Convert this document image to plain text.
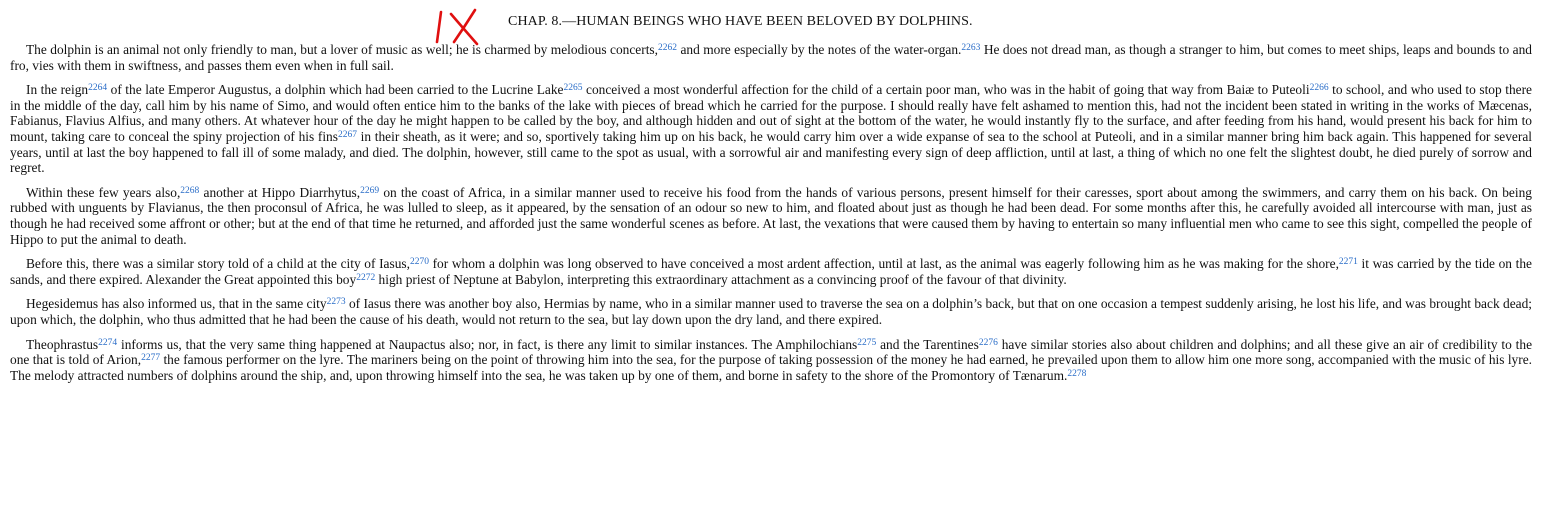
CHAP. 8.—HUMAN BEINGS WHO HAVE BEEN BELOVED BY DOLPHINS.

The dolphin is an animal not only friendly to man, but a lover of music as well; he is charmed by melodious concerts,$^{2262}$ and more especially by the notes of the water-organ.$^{2263}$ He does not dread man, as though a stranger to him, but comes to meet ships, leaps and bounds to and fro, vies with them in swiftness, and passes them even when in full sail.

In the reign$^{2264}$ of the late Emperor Augustus, a dolphin which had been carried to the Lucrine Lake$^{2265}$ conceived a most wonderful affection for the child of a certain poor man, who was in the habit of going that way from Baiæ to Puteoli$^{2266}$ to school, and who used to stop there in the middle of the day, call him by his name of Simo, and would often entice him to the banks of the lake with pieces of bread which he carried for the purpose. I should really have felt ashamed to mention this, had not the incident been stated in writing in the works of Mæcenas, Fabianus, Flavius Alfius, and many others. At whatever hour of the day he might happen to be called by the boy, and although hidden and out of sight at the bottom of the water, he would instantly fly to the surface, and after feeding from his hand, would present his back for him to mount, taking care to conceal the spiny projection of his fins$^{2267}$ in their sheath, as it were; and so, sportively taking him up on his back, he would carry him over a wide expanse of sea to the school at Puteoli, and in a similar manner bring him back again. This happened for several years, until at last the boy happened to fall ill of some malady, and died. The dolphin, however, still came to the spot as usual, with a sorrowful air and manifesting every sign of deep affliction, until at last, a thing of which no one felt the slightest doubt, he died purely of sorrow and regret.

Within these few years also,$^{2268}$ another at Hippo Diarrhytus,$^{2269}$ on the coast of Africa, in a similar manner used to receive his food from the hands of various persons, present himself for their caresses, sport about among the swimmers, and carry them on his back. On being rubbed with unguents by Flavianus, the then proconsul of Africa, he was lulled to sleep, as it appeared, by the sensation of an odour so new to him, and floated about just as though he had been dead. For some months after this, he carefully avoided all intercourse with man, just as though he had received some affront or other; but at the end of that time he returned, and afforded just the same wonderful scenes as before. At last, the vexations that were caused them by having to entertain so many influential men who came to see this sight, compelled the people of Hippo to put the animal to death.

Before this, there was a similar story told of a child at the city of Iasus,$^{2270}$ for whom a dolphin was long observed to have conceived a most ardent affection, until at last, as the animal was eagerly following him as he was making for the shore,$^{2271}$ it was carried by the tide on the sands, and there expired. Alexander the Great appointed this boy$^{2272}$ high priest of Neptune at Babylon, interpreting this extraordinary attachment as a convincing proof of the favour of that divinity.

Hegesidemus has also informed us, that in the same city$^{2273}$ of Iasus there was another boy also, Hermias by name, who in a similar manner used to traverse the sea on a dolphin’s back, but that on one occasion a tempest suddenly arising, he lost his life, and was brought back dead; upon which, the dolphin, who thus admitted that he had been the cause of his death, would not return to the sea, but lay down upon the dry land, and there expired.

Theophrastus$^{2274}$ informs us, that the very same thing happened at Naupactus also; nor, in fact, is there any limit to similar instances. The Amphilochians$^{2275}$ and the Tarentines$^{2276}$ have similar stories also about children and dolphins; and all these give an air of credibility to the one that is told of Arion,$^{2277}$ the famous performer on the lyre. The mariners being on the point of throwing him into the sea, for the purpose of taking possession of the money he had earned, he prevailed upon them to allow him one more song, accompanied with the music of his lyre. The melody attracted numbers of dolphins around the ship, and, upon throwing himself into the sea, he was taken up by one of them, and borne in safety to the shore of the Promontory of Tænarum.$^{2278}$
